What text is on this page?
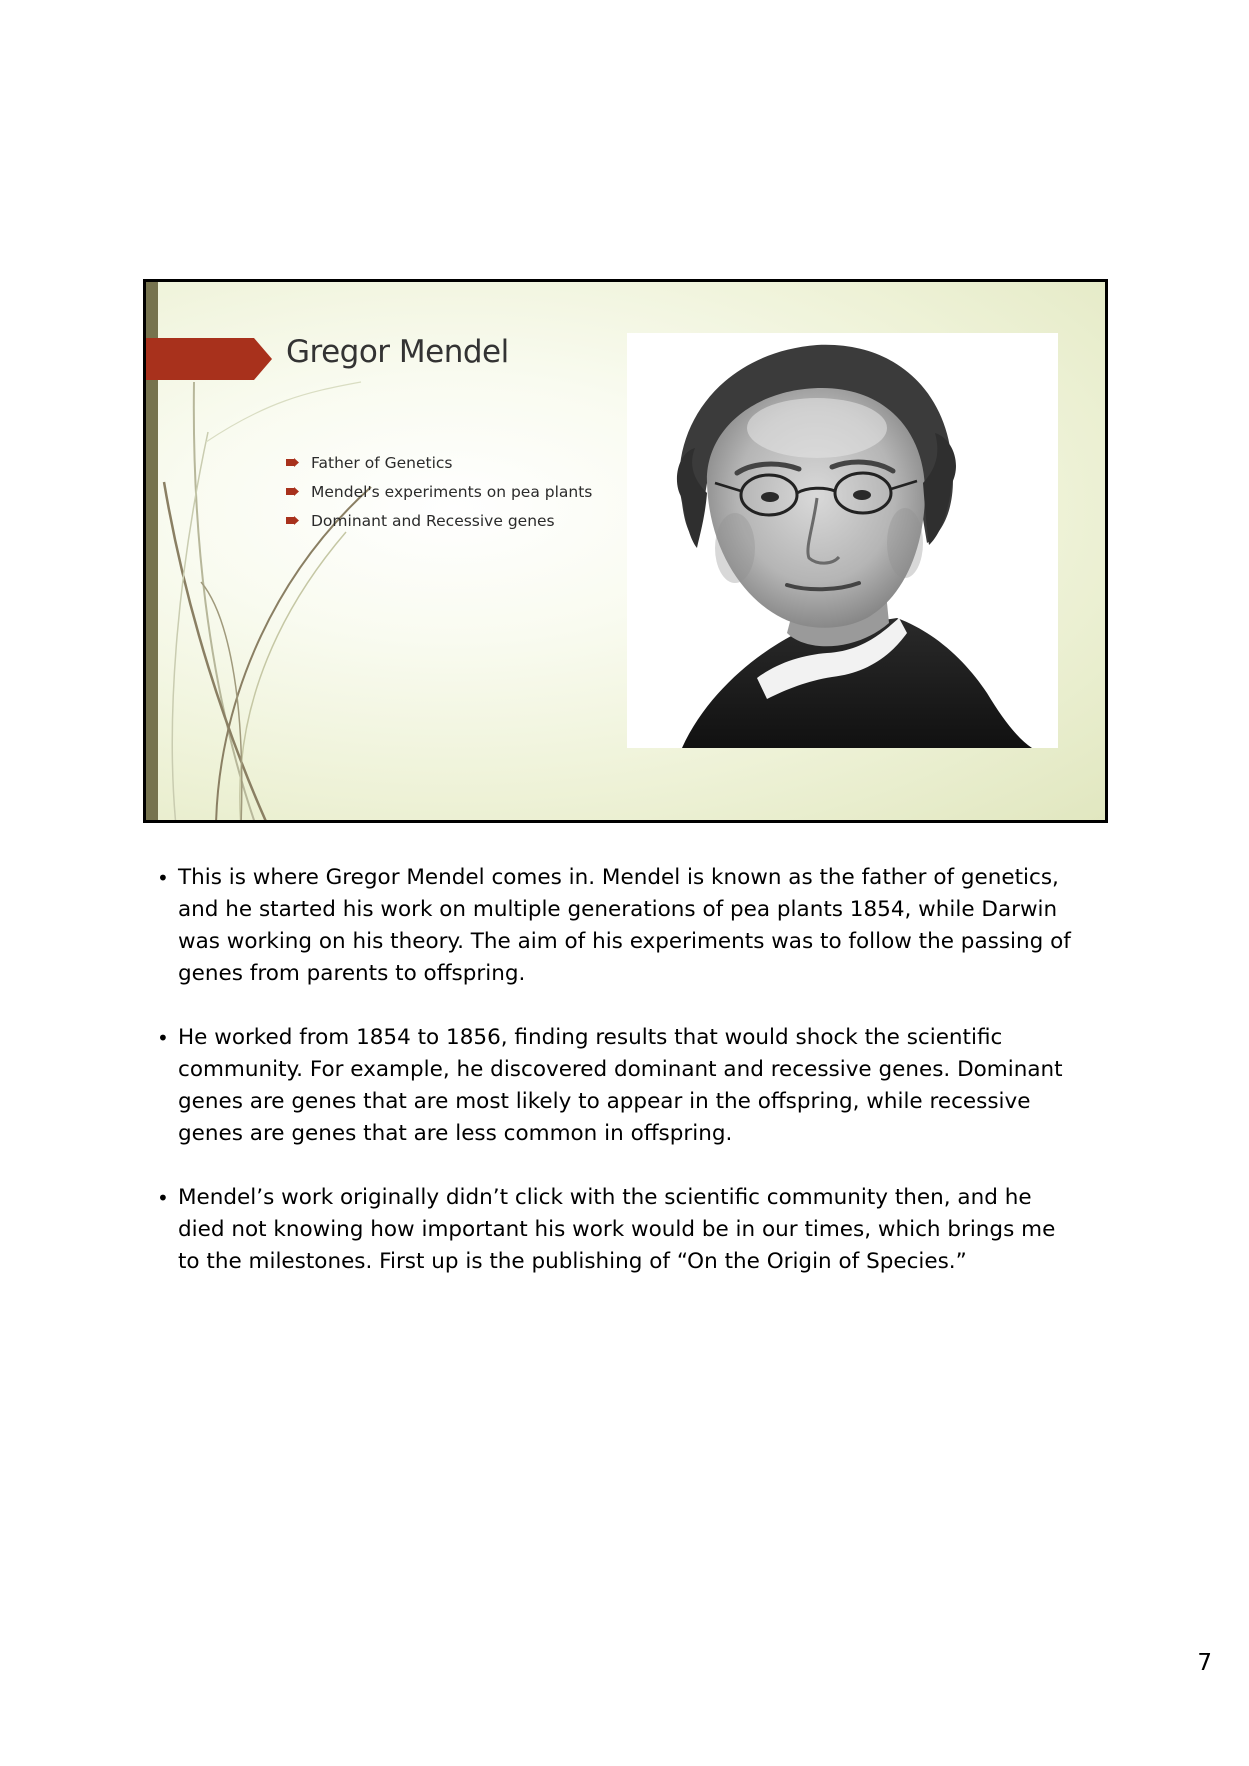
Gregor Mendel
Father of Genetics
Mendel's experiments on pea plants
Dominant and Recessive genes
• This is where Gregor Mendel comes in. Mendel is known as the father of genetics, and he started his work on multiple generations of pea plants 1854, while Darwin was working on his theory. The aim of his experiments was to follow the passing of genes from parents to offspring.
• He worked from 1854 to 1856, finding results that would shock the scientific community. For example, he discovered dominant and recessive genes. Dominant genes are genes that are most likely to appear in the offspring, while recessive genes are genes that are less common in offspring.
• Mendel’s work originally didn’t click with the scientific community then, and he died not knowing how important his work would be in our times, which brings me to the milestones. First up is the publishing of “On the Origin of Species.”
7
